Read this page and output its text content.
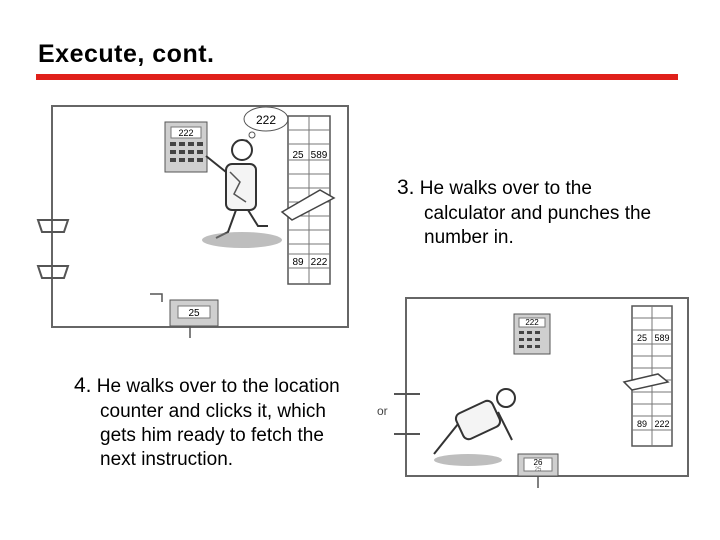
Execute, cont.
222
222
25 589
89 222
25
3. He walks over to the
calculator and punches the
number in.
4. He walks over to the location
counter and clicks it, which
gets him ready to fetch the
next instruction.
or
222
25 589
89 222
26
25
